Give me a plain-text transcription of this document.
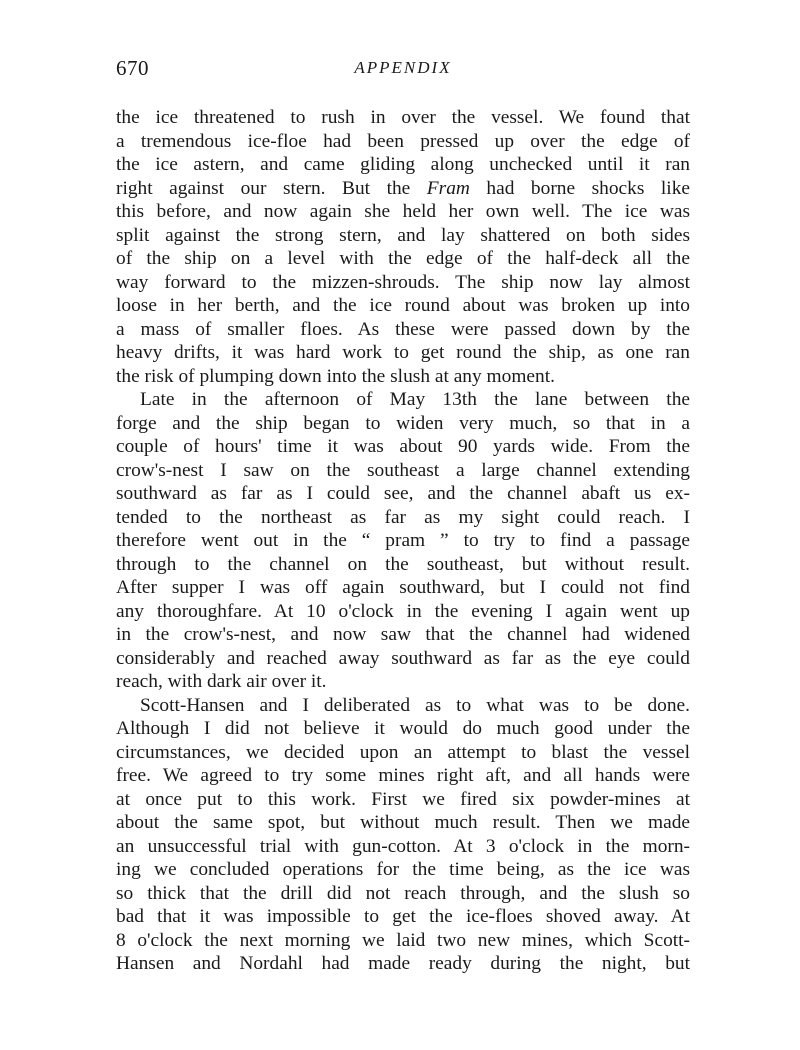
670	APPENDIX
the ice threatened to rush in over the vessel. We found that
a tremendous ice-floe had been pressed up over the edge of
the ice astern, and came gliding along unchecked until it ran
right against our stern. But the Fram had borne shocks like
this before, and now again she held her own well. The ice was
split against the strong stern, and lay shattered on both sides
of the ship on a level with the edge of the half-deck all the
way forward to the mizzen-shrouds. The ship now lay almost
loose in her berth, and the ice round about was broken up into
a mass of smaller floes. As these were passed down by the
heavy drifts, it was hard work to get round the ship, as one ran
the risk of plumping down into the slush at any moment.
Late in the afternoon of May 13th the lane between the
forge and the ship began to widen very much, so that in a
couple of hours' time it was about 90 yards wide. From the
crow's-nest I saw on the southeast a large channel extending
southward as far as I could see, and the channel abaft us ex-
tended to the northeast as far as my sight could reach. I
therefore went out in the “ pram ” to try to find a passage
through to the channel on the southeast, but without result.
After supper I was off again southward, but I could not find
any thoroughfare. At 10 o'clock in the evening I again went up
in the crow's-nest, and now saw that the channel had widened
considerably and reached away southward as far as the eye could
reach, with dark air over it.
Scott-Hansen and I deliberated as to what was to be done.
Although I did not believe it would do much good under the
circumstances, we decided upon an attempt to blast the vessel
free. We agreed to try some mines right aft, and all hands were
at once put to this work. First we fired six powder-mines at
about the same spot, but without much result. Then we made
an unsuccessful trial with gun-cotton. At 3 o'clock in the morn-
ing we concluded operations for the time being, as the ice was
so thick that the drill did not reach through, and the slush so
bad that it was impossible to get the ice-floes shoved away. At
8 o'clock the next morning we laid two new mines, which Scott-
Hansen and Nordahl had made ready during the night, but
